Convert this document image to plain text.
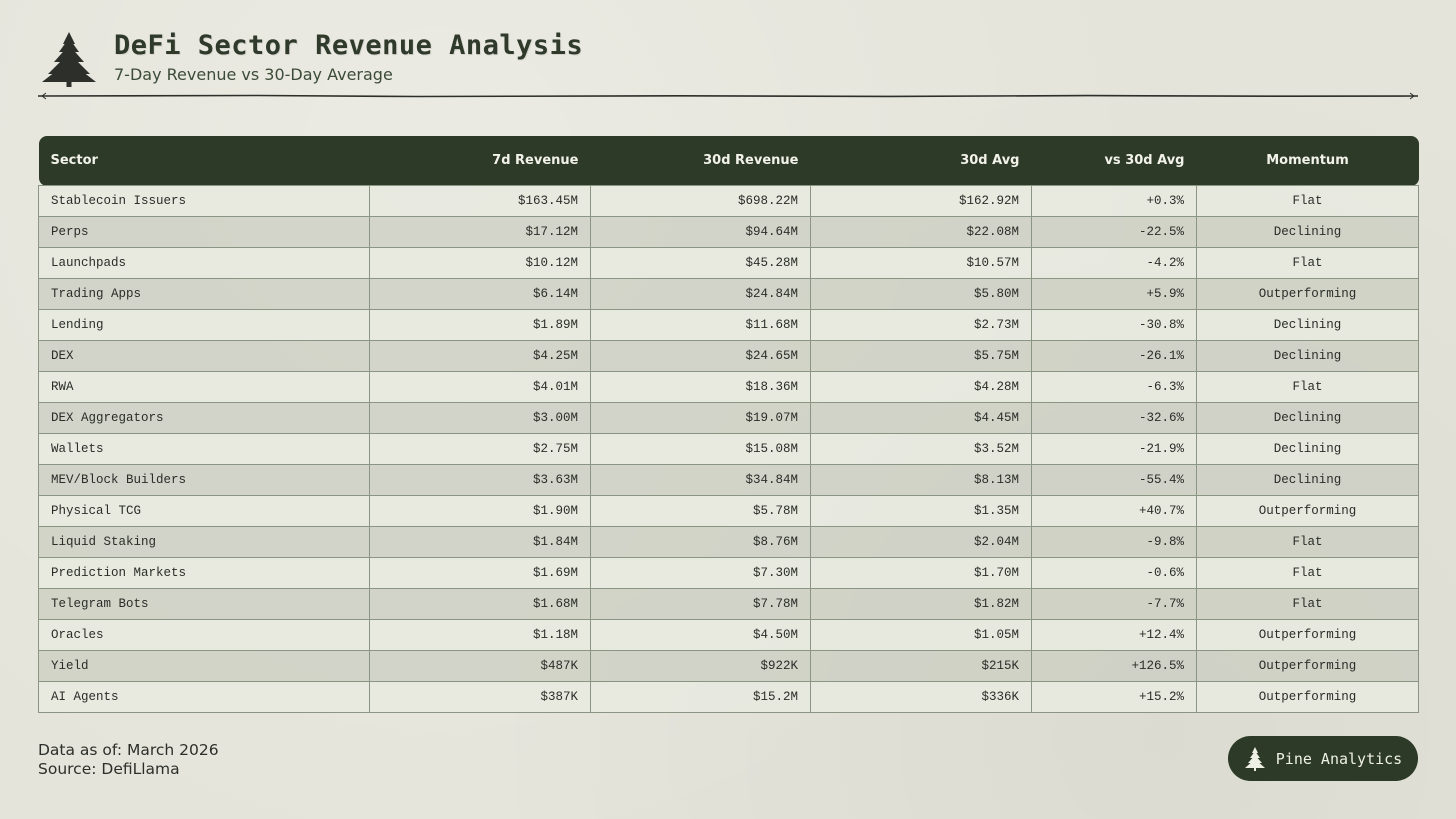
DeFi Sector Revenue Analysis
7-Day Revenue vs 30-Day Average
Sector	7d Revenue	30d Revenue	30d Avg	vs 30d Avg	Momentum
Stablecoin Issuers	$163.45M	$698.22M	$162.92M	+0.3%	Flat
Perps	$17.12M	$94.64M	$22.08M	-22.5%	Declining
Launchpads	$10.12M	$45.28M	$10.57M	-4.2%	Flat
Trading Apps	$6.14M	$24.84M	$5.80M	+5.9%	Outperforming
Lending	$1.89M	$11.68M	$2.73M	-30.8%	Declining
DEX	$4.25M	$24.65M	$5.75M	-26.1%	Declining
RWA	$4.01M	$18.36M	$4.28M	-6.3%	Flat
DEX Aggregators	$3.00M	$19.07M	$4.45M	-32.6%	Declining
Wallets	$2.75M	$15.08M	$3.52M	-21.9%	Declining
MEV/Block Builders	$3.63M	$34.84M	$8.13M	-55.4%	Declining
Physical TCG	$1.90M	$5.78M	$1.35M	+40.7%	Outperforming
Liquid Staking	$1.84M	$8.76M	$2.04M	-9.8%	Flat
Prediction Markets	$1.69M	$7.30M	$1.70M	-0.6%	Flat
Telegram Bots	$1.68M	$7.78M	$1.82M	-7.7%	Flat
Oracles	$1.18M	$4.50M	$1.05M	+12.4%	Outperforming
Yield	$487K	$922K	$215K	+126.5%	Outperforming
AI Agents	$387K	$15.2M	$336K	+15.2%	Outperforming
Data as of: March 2026
Source: DefiLlama
Pine Analytics
